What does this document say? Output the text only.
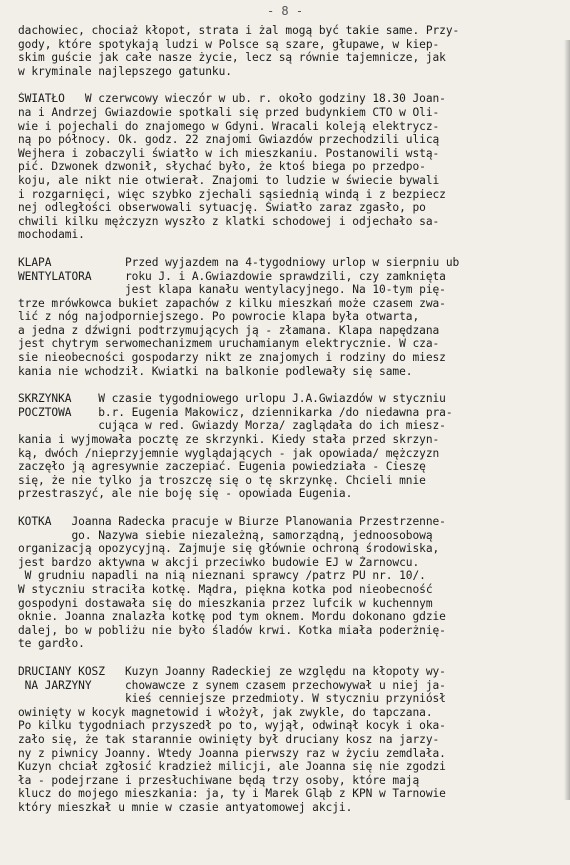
- 8 -

dachowiec, chociaż kłopot, strata i żal mogą być takie same. Przy-

gody, które spotykają ludzi w Polsce są szare, głupawe, w kiep-

skim guście jak całe nasze życie, lecz są równie tajemnicze, jak

w kryminale najlepszego gatunku.

ŚWIATŁO   W czerwcowy wieczór w ub. r. około godziny 18.30 Joan-

na i Andrzej Gwiazdowie spotkali się przed budynkiem CTO w Oli-

wie i pojechali do znajomego w Gdyni. Wracali koleją elektrycz-

ną po północy. Ok. godz. 22 znajomi Gwiazdów przechodzili ulicą

Wejhera i zobaczyli światło w ich mieszkaniu. Postanowili wstą-

pić. Dzwonek dzwonił, słychać było, że ktoś biega po przedpo-

koju, ale nikt nie otwierał. Znajomi to ludzie w świecie bywali

i rozgarnięci, więc szybko zjechali sąsiednią windą i z bezpiecz

nej odległości obserwowali sytuację. Światło zaraz zgasło, po

chwili kilku mężczyzn wyszło z klatki schodowej i odjechało sa-

mochodami.

KLAPA           Przed wyjazdem na 4-tygodniowy urlop w sierpniu ub

WENTYLATORA     roku J. i A.Gwiazdowie sprawdzili, czy zamknięta

jest klapa kanału wentylacyjnego. Na 10-tym pię-

trze mrówkowca bukiet zapachów z kilku mieszkań może czasem zwa-

lić z nóg najodporniejszego. Po powrocie klapa była otwarta,

a jedna z dźwigni podtrzymujących ją - złamana. Klapa napędzana

jest chytrym serwomechanizmem uruchamianym elektrycznie. W cza-

sie nieobecności gospodarzy nikt ze znajomych i rodziny do miesz

kania nie wchodził. Kwiatki na balkonie podlewały się same.

SKRZYNKA    W czasie tygodniowego urlopu J.A.Gwiazdów w styczniu

POCZTOWA    b.r. Eugenia Makowicz, dziennikarka /do niedawna pra-

cująca w red. Gwiazdy Morza/ zaglądała do ich miesz-

kania i wyjmowała pocztę ze skrzynki. Kiedy stała przed skrzyn-

ką, dwóch /nieprzyjemnie wyglądających - jak opowiada/ mężczyzn

zaczęło ją agresywnie zaczepiać. Eugenia powiedziała - Cieszę

się, że nie tylko ja troszczę się o tę skrzynkę. Chcieli mnie

przestraszyć, ale nie boję się - opowiada Eugenia.

KOTKA   Joanna Radecka pracuje w Biurze Planowania Przestrzenne-

go. Nazywa siebie niezależną, samorządną, jednoosobową

organizacją opozycyjną. Zajmuje się głównie ochroną środowiska,

jest bardzo aktywna w akcji przeciwko budowie EJ w Żarnowcu.

W grudniu napadli na nią nieznani sprawcy /patrz PU nr. 10/.

W styczniu straciła kotkę. Mądra, piękna kotka pod nieobecność

gospodyni dostawała się do mieszkania przez lufcik w kuchennym

oknie. Joanna znalazła kotkę pod tym oknem. Mordu dokonano gdzie

dalej, bo w pobliżu nie było śladów krwi. Kotka miała poderżnię-

te gardło.

DRUCIANY KOSZ   Kuzyn Joanny Radeckiej ze względu na kłopoty wy-

NA JARZYNY     chowawcze z synem czasem przechowywał u niej ja-

kieś cenniejsze przedmioty. W styczniu przyniósł

owinięty w kocyk magnetowid i włożył, jak zwykle, do tapczana.

Po kilku tygodniach przyszedł po to, wyjął, odwinął kocyk i oka-

zało się, że tak starannie owinięty był druciany kosz na jarzy-

ny z piwnicy Joanny. Wtedy Joanna pierwszy raz w życiu zemdlała.

Kuzyn chciał zgłosić kradzież milicji, ale Joanna się nie zgodzi

ła - podejrzane i przesłuchiwane będą trzy osoby, które mają

klucz do mojego mieszkania: ja, ty i Marek Gląb z KPN w Tarnowie

który mieszkał u mnie w czasie antyatomowej akcji.
